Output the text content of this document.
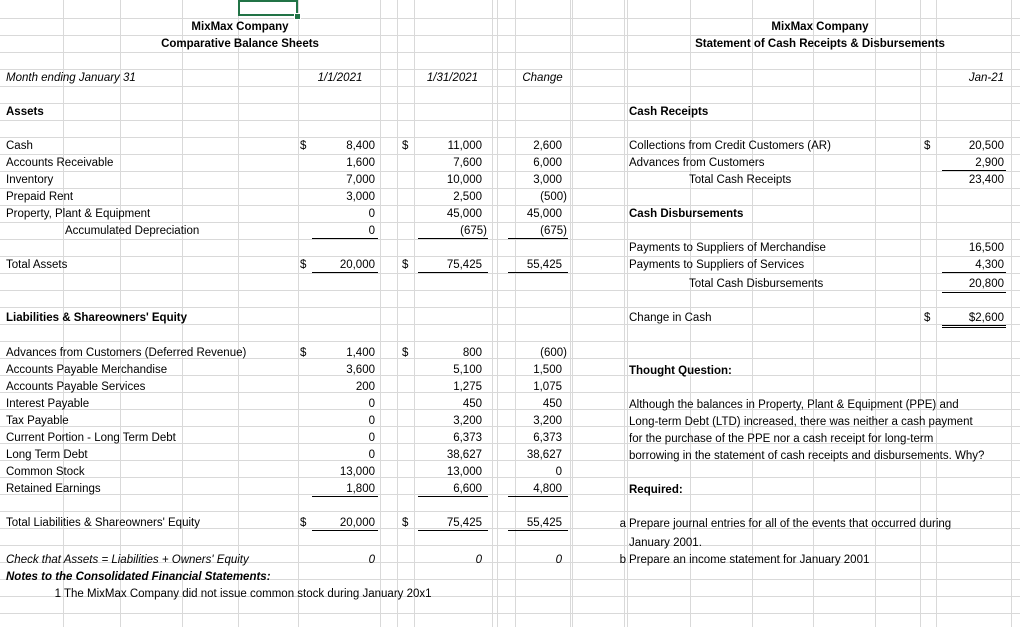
MixMax Company
Comparative Balance Sheets
Month ending January 31	1/1/2021	1/31/2021	Change
Assets
Cash	$	8,400 $	11,000	2,600
Accounts Receivable	1,600	7,600	6,000
Inventory	7,000	10,000	3,000
Prepaid Rent	3,000	2,500	(500)
Property, Plant & Equipment	0	45,000	45,000
Accumulated Depreciation	0	(675)	(675)
Total Assets	$	20,000 $	75,425	55,425
Liabilities & Shareowners' Equity
Advances from Customers (Deferred Revenue)	$	1,400 $	800	(600)
Accounts Payable Merchandise	3,600	5,100	1,500
Accounts Payable Services	200	1,275	1,075
Interest Payable	0	450	450
Tax Payable	0	3,200	3,200
Current Portion - Long Term Debt	0	6,373	6,373
Long Term Debt	0	38,627	38,627
Common Stock	13,000	13,000	0
Retained Earnings	1,800	6,600	4,800
Total Liabilities & Shareowners' Equity	$	20,000 $	75,425	55,425
Check that Assets = Liabilities + Owners' Equity	0	0	0
Notes to the Consolidated Financial Statements:
1 The MixMax Company did not issue common stock during January 20x1
MixMax Company
Statement of Cash Receipts & Disbursements
Jan-21
Cash Receipts
Collections from Credit Customers (AR)	$	20,500
Advances from Customers	2,900
Total Cash Receipts	23,400
Cash Disbursements
Payments to Suppliers of Merchandise	16,500
Payments to Suppliers of Services	4,300
Total Cash Disbursements	20,800
Change in Cash	$	$2,600
Thought Question:
Although the balances in Property, Plant & Equipment (PPE) and
Long-term Debt (LTD) increased, there was neither a cash payment
for the purchase of the PPE nor a cash receipt for long-term
borrowing in the statement of cash receipts and disbursements. Why?
Required:
a Prepare journal entries for all of the events that occurred during
January 2001.
b Prepare an income statement for January 2001
